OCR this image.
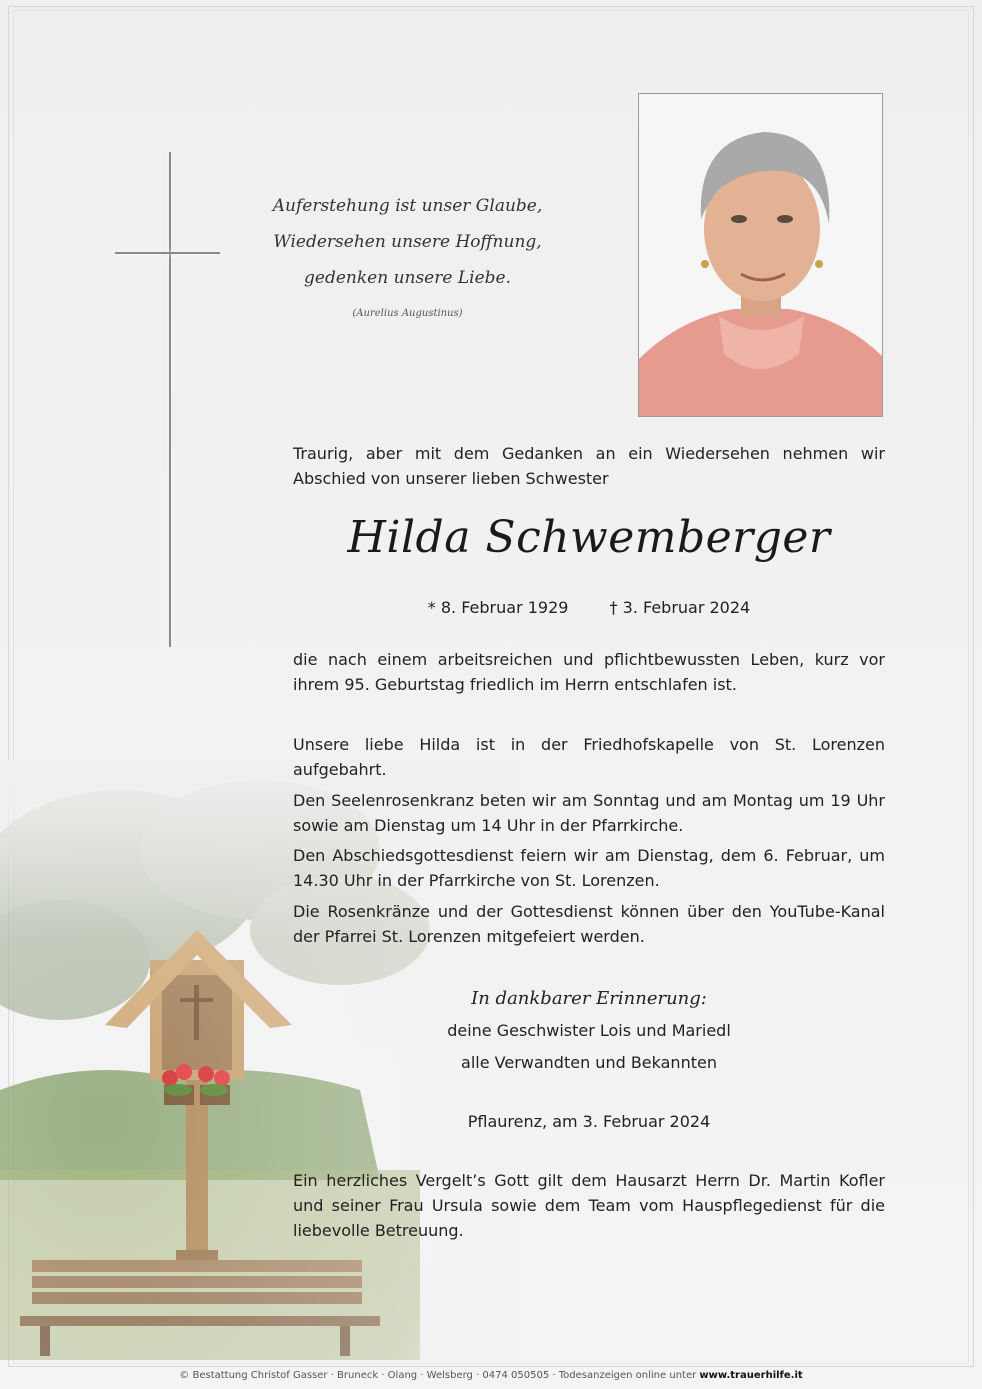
Auferstehung ist unser Glaube,
Wiedersehen unsere Hoffnung,
gedenken unsere Liebe.
(Aurelius Augustinus)
Traurig, aber mit dem Gedanken an ein Wiedersehen nehmen wir Abschied von unserer lieben Schwester
Hilda Schwemberger
* 8. Februar 1929	† 3. Februar 2024
die nach einem arbeitsreichen und pflichtbewussten Leben, kurz vor ihrem 95. Geburtstag friedlich im Herrn entschlafen ist.
Unsere liebe Hilda ist in der Friedhofskapelle von St. Lorenzen aufgebahrt.
Den Seelenrosenkranz beten wir am Sonntag und am Montag um 19 Uhr sowie am Dienstag um 14 Uhr in der Pfarrkirche.
Den Abschiedsgottesdienst feiern wir am Dienstag, dem 6. Februar, um 14.30 Uhr in der Pfarrkirche von St. Lorenzen.
Die Rosenkränze und der Gottesdienst können über den YouTube-Kanal der Pfarrei St. Lorenzen mitgefeiert werden.
In dankbarer Erinnerung:
deine Geschwister Lois und Mariedl
alle Verwandten und Bekannten
Pflaurenz, am 3. Februar 2024
Ein herzliches Vergelt’s Gott gilt dem Hausarzt Herrn Dr. Martin Kofler und seiner Frau Ursula sowie dem Team vom Hauspflegedienst für die liebevolle Betreuung.
© Bestattung Christof Gasser · Bruneck · Olang · Welsberg · 0474 050505 · Todesanzeigen online unter www.trauerhilfe.it
